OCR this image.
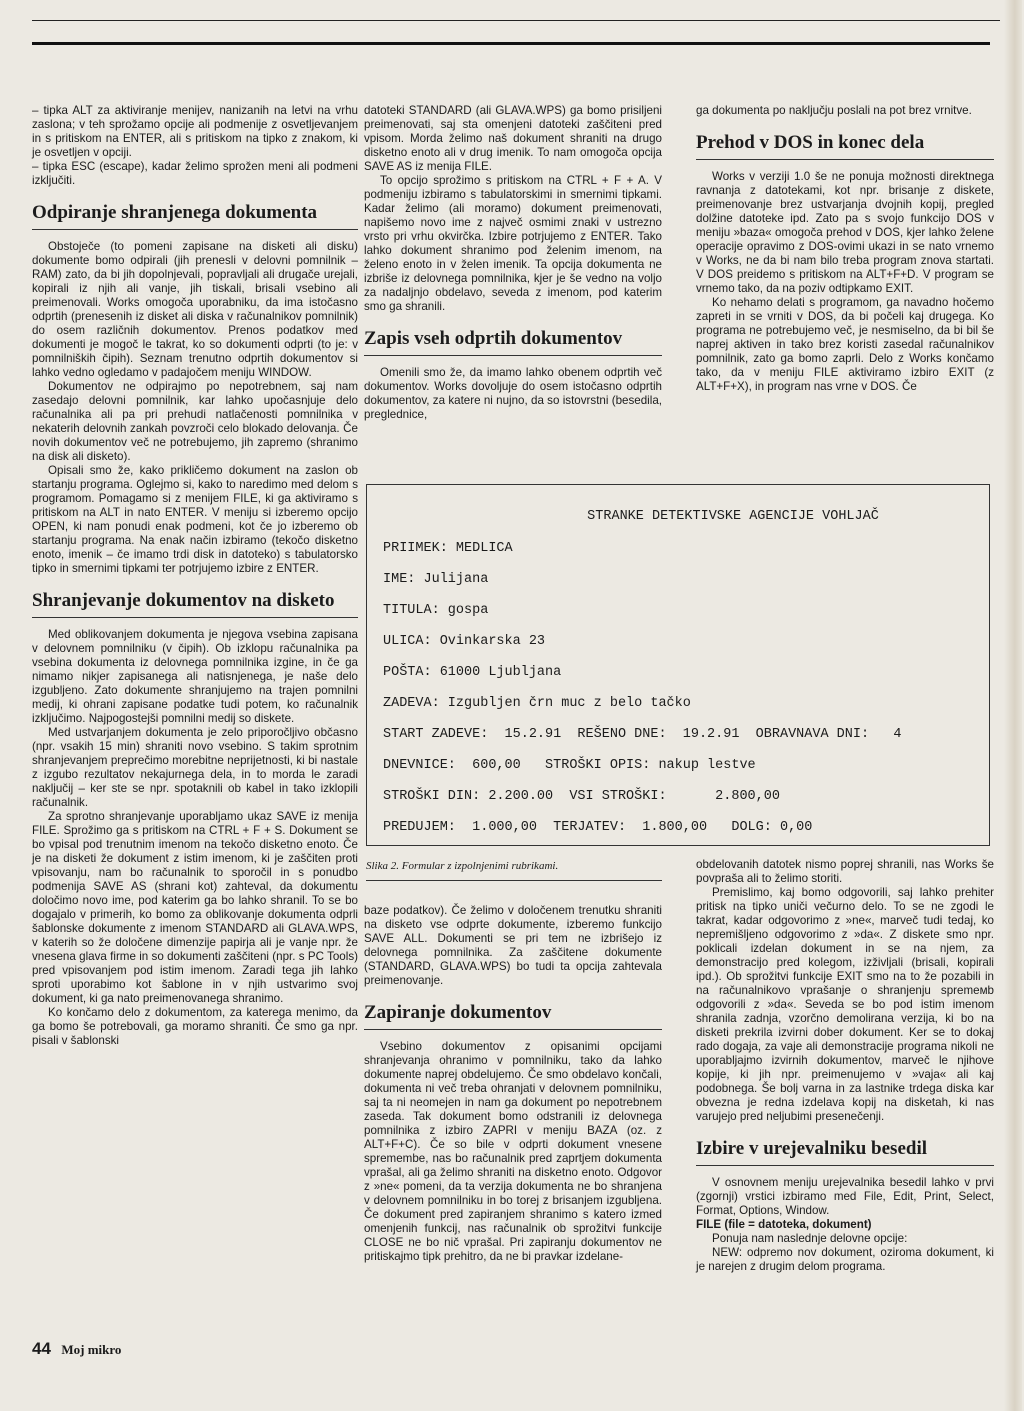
– tipka ALT za aktiviranje menijev, nanizanih na letvi na vrhu zaslona; v teh sprožamo opcije ali podmenije z osvetljevanjem in s pritiskom na ENTER, ali s pritiskom na tipko z znakom, ki je osvetljen v opciji.

– tipka ESC (escape), kadar želimo sprožen meni ali podmeni izključiti.

Odpiranje shranjenega dokumenta

Obstoječe (to pomeni zapisane na disketi ali disku) dokumente bomo odpirali (jih prenesli v delovni pomnilnik – RAM) zato, da bi jih dopolnjevali, popravljali ali drugače urejali, kopirali iz njih ali vanje, jih tiskali, brisali vsebino ali preimenovali. Works omogoča uporabniku, da ima istočasno odprtih (prenesenih iz disket ali diska v računalnikov pomnilnik) do osem različnih dokumentov. Prenos podatkov med dokumenti je mogoč le takrat, ko so dokumenti odprti (to je: v pomnilniških čipih). Seznam trenutno odprtih dokumentov si lahko vedno ogledamo v padajočem meniju WINDOW.

Dokumentov ne odpirajmo po nepotrebnem, saj nam zasedajo delovni pomnilnik, kar lahko upočasnjuje delo računalnika ali pa pri prehudi natlačenosti pomnilnika v nekaterih delovnih zankah povzroči celo blokado delovanja. Če novih dokumentov več ne potrebujemo, jih zapremo (shranimo na disk ali disketo).

Opisali smo že, kako prikličemo dokument na zaslon ob startanju programa. Oglejmo si, kako to naredimo med delom s programom. Pomagamo si z menijem FILE, ki ga aktiviramo s pritiskom na ALT in nato ENTER. V meniju si izberemo opcijo OPEN, ki nam ponudi enak podmeni, kot če jo izberemo ob startanju programa. Na enak način izbiramo (tekočo disketno enoto, imenik – če imamo trdi disk in datoteko) s tabulatorsko tipko in smernimi tipkami ter potrjujemo izbire z ENTER.

Shranjevanje dokumentov na disketo

Med oblikovanjem dokumenta je njegova vsebina zapisana v delovnem pomnilniku (v čipih). Ob izklopu računalnika pa vsebina dokumenta iz delovnega pomnilnika izgine, in če ga nimamo nikjer zapisanega ali natisnjenega, je naše delo izgubljeno. Zato dokumente shranjujemo na trajen pomnilni medij, ki ohrani zapisane podatke tudi potem, ko računalnik izključimo. Najpogostejši pomnilni medij so diskete.

Med ustvarjanjem dokumenta je zelo priporočljivo občasno (npr. vsakih 15 min) shraniti novo vsebino. S takim sprotnim shranjevanjem preprečimo morebitne neprijetnosti, ki bi nastale z izgubo rezultatov nekajurnega dela, in to morda le zaradi naključij – ker ste se npr. spotaknili ob kabel in tako izklopili računalnik.

Za sprotno shranjevanje uporabljamo ukaz SAVE iz menija FILE. Sprožimo ga s pritiskom na CTRL + F + S. Dokument se bo vpisal pod trenutnim imenom na tekočo disketno enoto. Če je na disketi že dokument z istim imenom, ki je zaščiten proti vpisovanju, nam bo računalnik to sporočil in s ponudbo podmenija SAVE AS (shrani kot) zahteval, da dokumentu določimo novo ime, pod katerim ga bo lahko shranil. To se bo dogajalo v primerih, ko bomo za oblikovanje dokumenta odprli šablonske dokumente z imenom STANDARD ali GLAVA.WPS, v katerih so že določene dimenzije papirja ali je vanje npr. že vnesena glava firme in so dokumenti zaščiteni (npr. s PC Tools) pred vpisovanjem pod istim imenom. Zaradi tega jih lahko sproti uporabimo kot šablone in v njih ustvarimo svoj dokument, ki ga nato preimenovanega shranimo.

Ko končamo delo z dokumentom, za katerega menimo, da ga bomo še potrebovali, ga moramo shraniti. Če smo ga npr. pisali v šablonski

datoteki STANDARD (ali GLAVA.WPS) ga bomo prisiljeni preimenovati, saj sta omenjeni datoteki zaščiteni pred vpisom. Morda želimo naš dokument shraniti na drugo disketno enoto ali v drug imenik. To nam omogoča opcija SAVE AS iz menija FILE.

To opcijo sprožimo s pritiskom na CTRL + F + A. V podmeniju izbiramo s tabulatorskimi in smernimi tipkami. Kadar želimo (ali moramo) dokument preimenovati, napišemo novo ime z največ osmimi znaki v ustrezno vrsto pri vrhu okvirčka. Izbire potrjujemo z ENTER. Tako lahko dokument shranimo pod želenim imenom, na želeno enoto in v želen imenik. Ta opcija dokumenta ne izbriše iz delovnega pomnilnika, kjer je še vedno na voljo za nadaljnjo obdelavo, seveda z imenom, pod katerim smo ga shranili.

Zapis vseh odprtih dokumentov

Omenili smo že, da imamo lahko obenem odprtih več dokumentov. Works dovoljuje do osem istočasno odprtih dokumentov, za katere ni nujno, da so istovrstni (besedila, preglednice,

ga dokumenta po naključju poslali na pot brez vrnitve.

Prehod v DOS in konec dela

Works v verziji 1.0 še ne ponuja možnosti direktnega ravnanja z datotekami, kot npr. brisanje z diskete, preimenovanje brez ustvarjanja dvojnih kopij, pregled dolžine datoteke ipd. Zato pa s svojo funkcijo DOS v meniju »baza« omogoča prehod v DOS, kjer lahko želene operacije opravimo z DOS-ovimi ukazi in se nato vrnemo v Works, ne da bi nam bilo treba program znova startati. V DOS preidemo s pritiskom na ALT+F+D. V program se vrnemo tako, da na poziv odtipkamo EXIT.

Ko nehamo delati s programom, ga navadno hočemo zapreti in se vrniti v DOS, da bi počeli kaj drugega. Ko programa ne potrebujemo več, je nesmiselno, da bi bil še naprej aktiven in tako brez koristi zasedal računalnikov pomnilnik, zato ga bomo zaprli. Delo z Works končamo tako, da v meniju FILE aktiviramo izbiro EXIT (z ALT+F+X), in program nas vrne v DOS. Če

STRANKE DETEKTIVSKE AGENCIJE VOHLJAČ
PRIIMEK: MEDLICA
IME: Julijana
TITULA: gospa
ULICA: Ovinkarska 23
POŠTA: 61000 Ljubljana
ZADEVA: Izgubljen črn muc z belo tačko
START ZADEVE:  15.2.91  REŠENO DNE:  19.2.91  OBRAVNAVA DNI:   4
DNEVNICE:  600,00   STROŠKI OPIS: nakup lestve
STROŠKI DIN: 2.200.00  VSI STROŠKI:      2.800,00
PREDUJEM:  1.000,00  TERJATEV:  1.800,00   DOLG: 0,00
Slika 2. Formular z izpolnjenimi rubrikami.

baze podatkov). Če želimo v določenem trenutku shraniti na disketo vse odprte dokumente, izberemo funkcijo SAVE ALL. Dokumenti se pri tem ne izbrišejo iz delovnega pomnilnika. Za zaščitene dokumente (STANDARD, GLAVA.WPS) bo tudi ta opcija zahtevala preimenovanje.

Zapiranje dokumentov

Vsebino dokumentov z opisanimi opcijami shranjevanja ohranimo v pomnilniku, tako da lahko dokumente naprej obdelujemo. Če smo obdelavo končali, dokumenta ni več treba ohranjati v delovnem pomnilniku, saj ta ni neomejen in nam ga dokument po nepotrebnem zaseda. Tak dokument bomo odstranili iz delovnega pomnilnika z izbiro ZAPRI v meniju BAZA (oz. z ALT+F+C). Če so bile v odprti dokument vnesene spremembe, nas bo računalnik pred zaprtjem dokumenta vprašal, ali ga želimo shraniti na disketno enoto. Odgovor z »ne« pomeni, da ta verzija dokumenta ne bo shranjena v delovnem pomnilniku in bo torej z brisanjem izgubljena. Če dokument pred zapiranjem shranimo s katero izmed omenjenih funkcij, nas računalnik ob sprožitvi funkcije CLOSE ne bo nič vprašal. Pri zapiranju dokumentov ne pritiskajmo tipk prehitro, da ne bi pravkar izdelane-

obdelovanih datotek nismo poprej shranili, nas Works še povpraša ali to želimo storiti.

Premislimo, kaj bomo odgovorili, saj lahko prehiter pritisk na tipko uniči večurno delo. To se ne zgodi le takrat, kadar odgovorimo z »ne«, marveč tudi tedaj, ko nepremišljeno odgovorimo z »da«. Z diskete smo npr. poklicali izdelan dokument in se na njem, za demonstracijo pred kolegom, izživljali (brisali, kopirali ipd.). Ob sprožitvi funkcije EXIT smo na to že pozabili in na računalnikovo vprašanje o shranjenju spremeмb odgovorili z »da«. Seveda se bo pod istim imenom shranila zadnja, vzorčno demolirana verzija, ki bo na disketi prekrila izvirni dober dokument. Ker se to dokaj rado dogaja, za vaje ali demonstracije programa nikoli ne uporabljajmo izvirnih dokumentov, marveč le njihove kopije, ki jih npr. preimenujemo v »vaja« ali kaj podobnega. Še bolj varna in za lastnike trdega diska kar obvezna je redna izdelava kopij na disketah, ki nas varujejo pred neljubimi presenečenji.

Izbire v urejevalniku besedil

V osnovnem meniju urejevalnika besedil lahko v prvi (zgornji) vrstici izbiramo med File, Edit, Print, Select, Format, Options, Window.

FILE (file = datoteka, dokument)

Ponuja nam naslednje delovne opcije:

NEW: odpremo nov dokument, oziroma dokument, ki je narejen z drugim delom programa.

44 Moj mikro
